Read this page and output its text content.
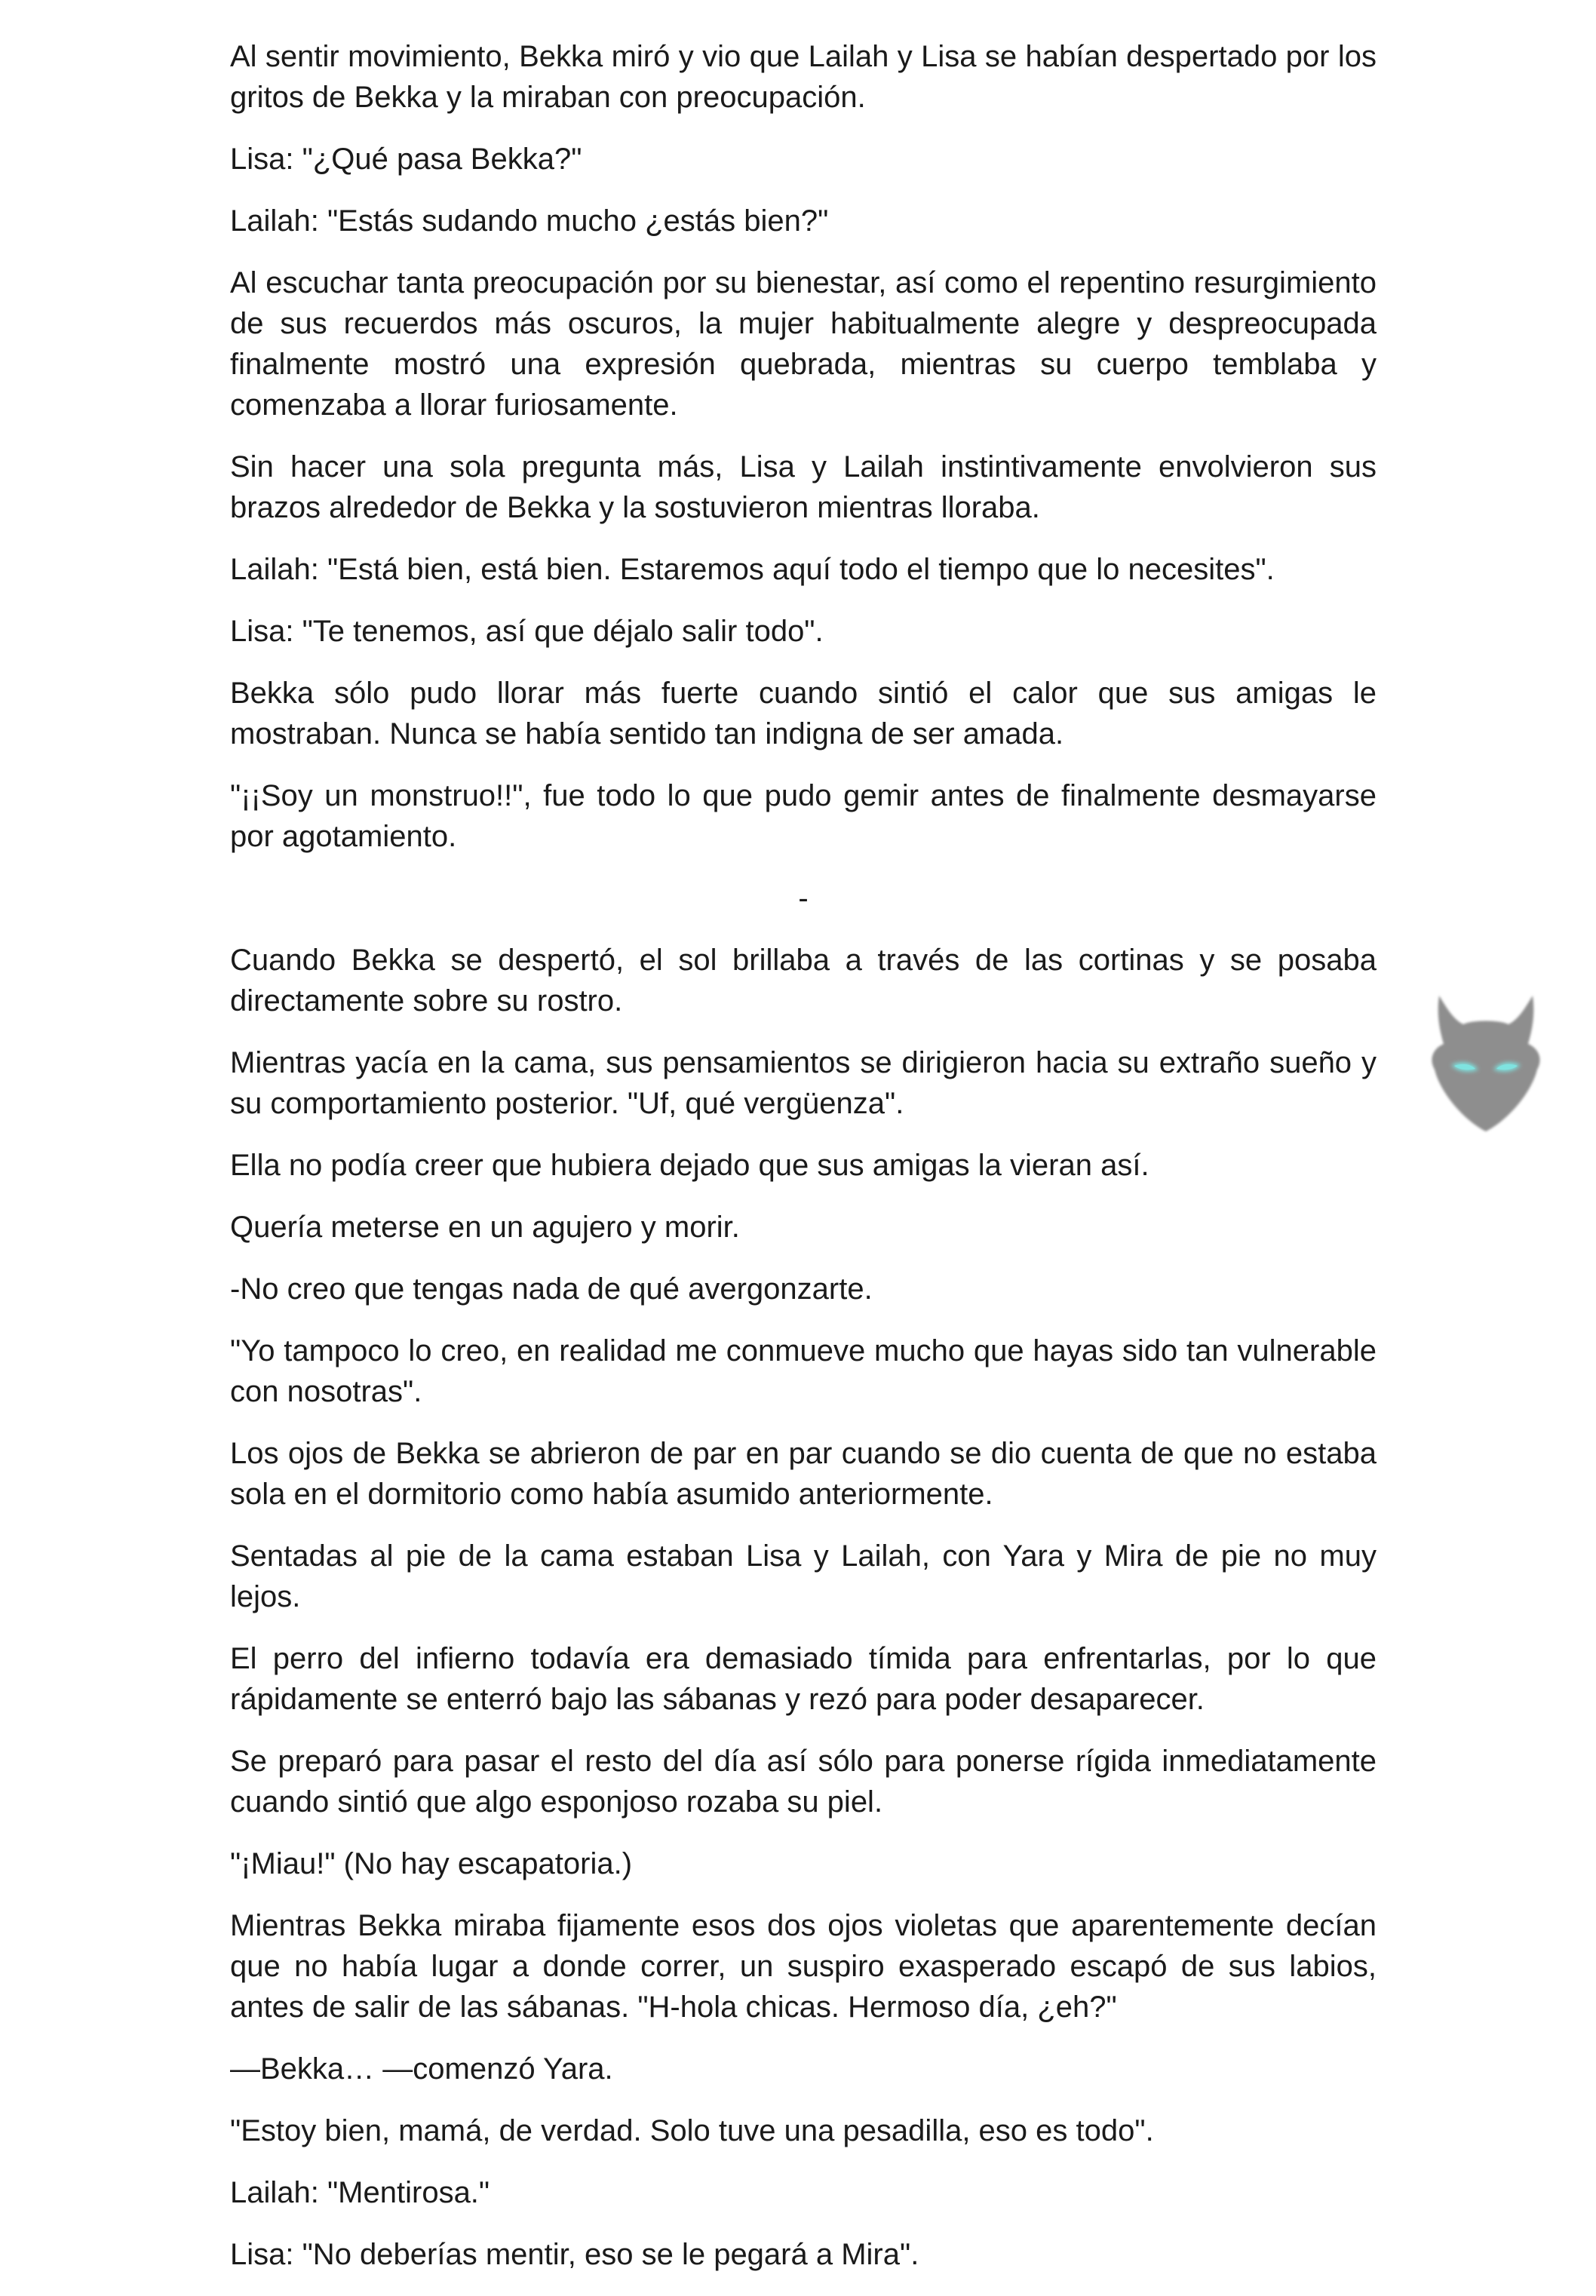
Al sentir movimiento, Bekka miró y vio que Lailah y Lisa se habían despertado por los gritos de Bekka y la miraban con preocupación.

Lisa: "¿Qué pasa Bekka?"

Lailah: "Estás sudando mucho ¿estás bien?"

Al escuchar tanta preocupación por su bienestar, así como el repentino resurgimiento de sus recuerdos más oscuros, la mujer habitualmente alegre y despreocupada finalmente mostró una expresión quebrada, mientras su cuerpo temblaba y comenzaba a llorar furiosamente.

Sin hacer una sola pregunta más, Lisa y Lailah instintivamente envolvieron sus brazos alrededor de Bekka y la sostuvieron mientras lloraba.

Lailah: "Está bien, está bien. Estaremos aquí todo el tiempo que lo necesites".

Lisa: "Te tenemos, así que déjalo salir todo".

Bekka sólo pudo llorar más fuerte cuando sintió el calor que sus amigas le mostraban. Nunca se había sentido tan indigna de ser amada.

"¡¡Soy un monstruo!!", fue todo lo que pudo gemir antes de finalmente desmayarse por agotamiento.

-

Cuando Bekka se despertó, el sol brillaba a través de las cortinas y se posaba directamente sobre su rostro.

Mientras yacía en la cama, sus pensamientos se dirigieron hacia su extraño sueño y su comportamiento posterior. "Uf, qué vergüenza".

Ella no podía creer que hubiera dejado que sus amigas la vieran así.

Quería meterse en un agujero y morir.

-No creo que tengas nada de qué avergonzarte.

"Yo tampoco lo creo, en realidad me conmueve mucho que hayas sido tan vulnerable con nosotras".

Los ojos de Bekka se abrieron de par en par cuando se dio cuenta de que no estaba sola en el dormitorio como había asumido anteriormente.

Sentadas al pie de la cama estaban Lisa y Lailah, con Yara y Mira de pie no muy lejos.

El perro del infierno todavía era demasiado tímida para enfrentarlas, por lo que rápidamente se enterró bajo las sábanas y rezó para poder desaparecer.

Se preparó para pasar el resto del día así sólo para ponerse rígida inmediatamente cuando sintió que algo esponjoso rozaba su piel.

"¡Miau!" (No hay escapatoria.)

Mientras Bekka miraba fijamente esos dos ojos violetas que aparentemente decían que no había lugar a donde correr, un suspiro exasperado escapó de sus labios, antes de salir de las sábanas. "H-hola chicas. Hermoso día, ¿eh?"

—Bekka… —comenzó Yara.

"Estoy bien, mamá, de verdad. Solo tuve una pesadilla, eso es todo".

Lailah: "Mentirosa."

Lisa: "No deberías mentir, eso se le pegará a Mira".
